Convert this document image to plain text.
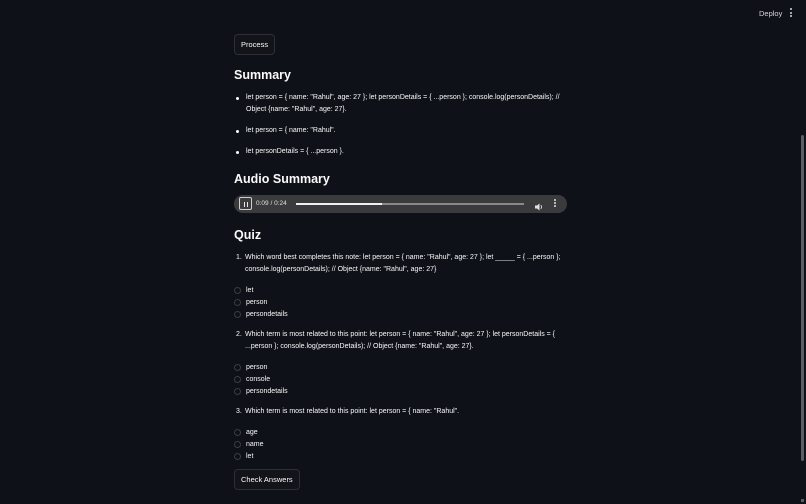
Deploy
Process
Summary
let person = { name: "Rahul", age: 27 }; let personDetails = { ...person }; console.log(personDetails); // Object {name: "Rahul", age: 27}.
let person = { name: "Rahul".
let personDetails = { ...person }.
Audio Summary
0:09 / 0:24
Quiz
1. Which word best completes this note: let person = { name: "Rahul", age: 27 }; let _____ = { ...person }; console.log(personDetails); // Object {name: "Rahul", age: 27}
let
person
persondetails
2. Which term is most related to this point: let person = { name: "Rahul", age: 27 }; let personDetails = { ...person }; console.log(personDetails); // Object {name: "Rahul", age: 27}.
person
console
persondetails
3. Which term is most related to this point: let person = { name: "Rahul".
age
name
let
Check Answers
